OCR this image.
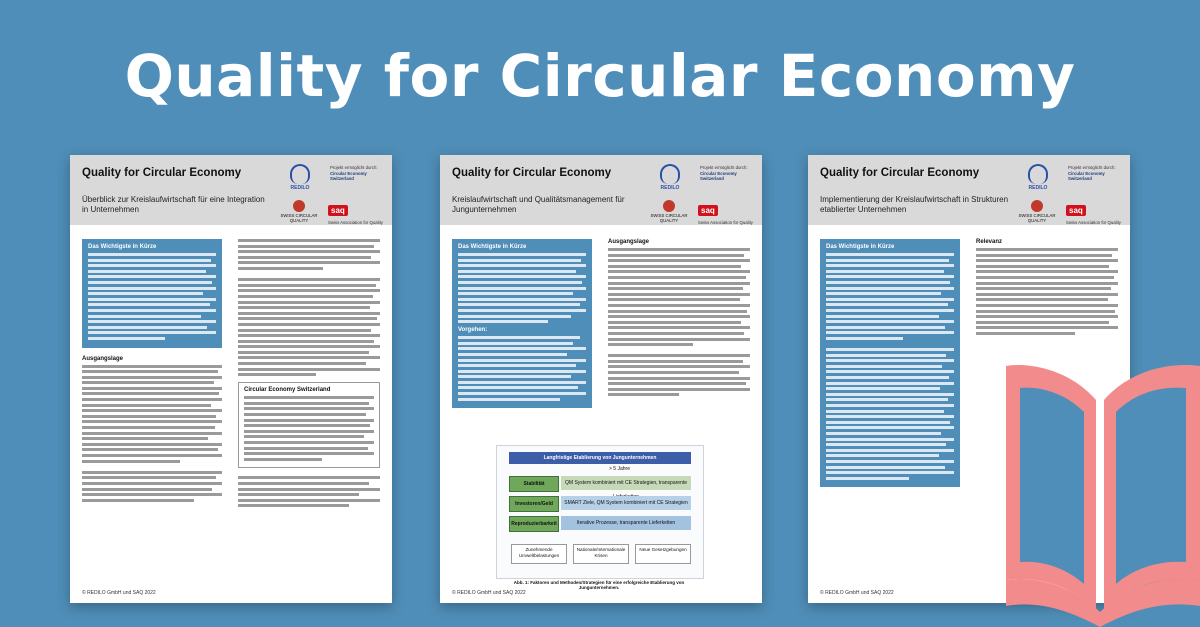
Quality for Circular Economy
Quality for Circular Economy
Überblick zur Kreislaufwirtschaft für eine Integration in Unternehmen
REDILO
Projekt ermöglicht durch:
Circular Economy Switzerland
SWISS CIRCULAR QUALITY
saq
Swiss Association for Quality
Das Wichtigste in Kürze
Ausgangslage
Circular Economy Switzerland
© REDILO GmbH und SAQ 2022
Quality for Circular Economy
Kreislaufwirtschaft und Qualitätsmanagement für Jungunternehmen
REDILO
Projekt ermöglicht durch:
Circular Economy Switzerland
SWISS CIRCULAR QUALITY
saq
Swiss Association for Quality
Das Wichtigste in Kürze
Vorgehen:
Ausgangslage
Langfristige Etablierung von Jungunternehmen
> 5 Jahre
Stabilität	QM System kombiniert mit CE Strategien, transparente
Investoren/Geld	SMART Ziele, QM System kombiniert mit CE Strategien
Reproduzierbarkeit	Iterative Prozesse, transparente Lieferketten
Zunehmende Umweltbelastungen
Nationale/Internationale Krisen
Neue Gesetzgebungen
Abb. 1: Faktoren und Methoden/Strategien für eine erfolgreiche Etablierung von Jungunternehmen.
© REDILO GmbH und SAQ 2022
Quality for Circular Economy
Implementierung der Kreislaufwirtschaft in Strukturen etablierter Unternehmen
REDILO
Projekt ermöglicht durch:
Circular Economy Switzerland
SWISS CIRCULAR QUALITY
saq
Swiss Association for Quality
Das Wichtigste in Kürze
Relevanz
© REDILO GmbH und SAQ 2022
